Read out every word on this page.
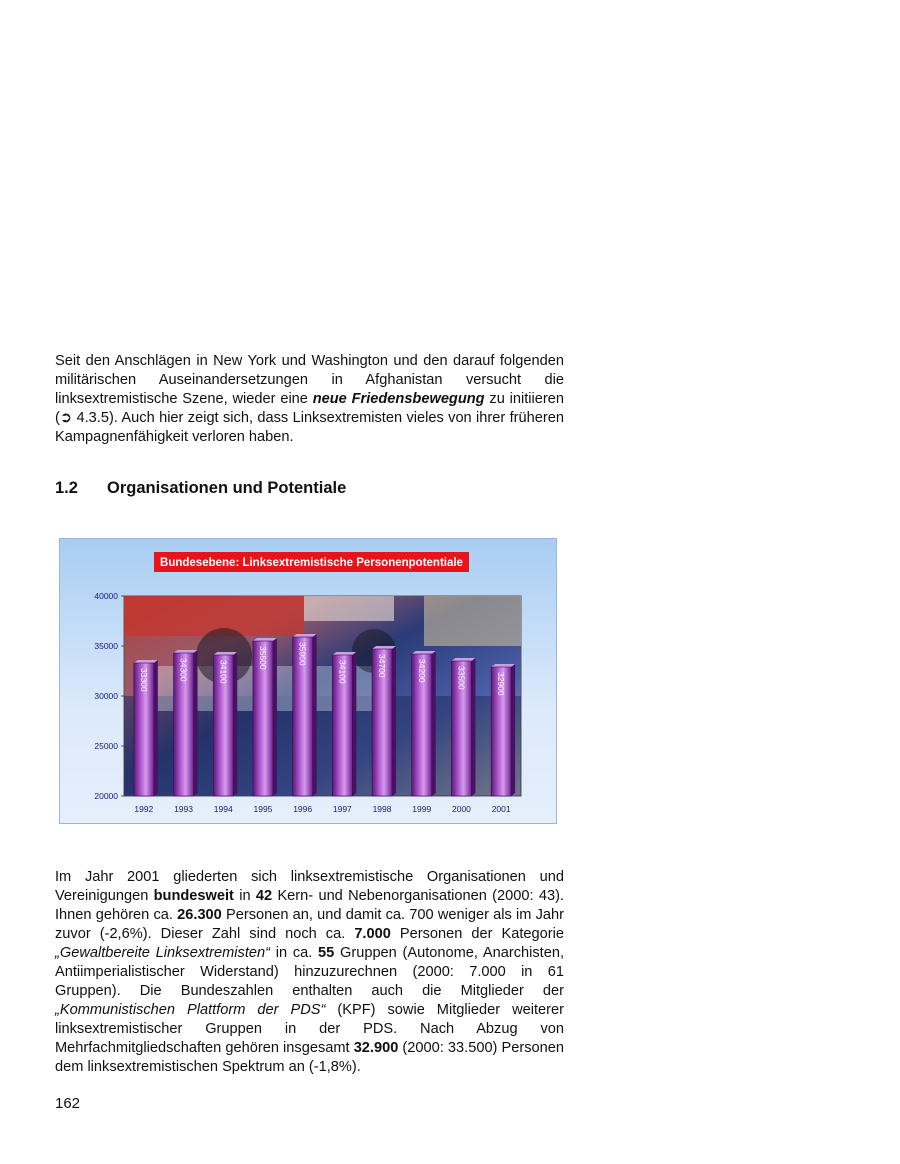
Seit den Anschlägen in New York und Washington und den darauf folgenden militärischen Auseinandersetzungen in Afghanistan versucht die linksextremistische Szene, wieder eine neue Friedensbewegung zu initiieren (➲ 4.3.5). Auch hier zeigt sich, dass Linksextremisten vieles von ihrer früheren Kampagnenfähigkeit verloren haben.

1.2 Organisationen und Potentiale
33300	34300	34100
35500	35900
34100	34700	34200	33500	32900
20000
25000
30000
35000
40000
1992 1993 1994 1995 1996 1997 1998 1999 2000 2001
Bundesebene: Linksextremistische Personenpotentiale

Im Jahr 2001 gliederten sich linksextremistische Organisationen und Vereinigungen bundesweit in 42 Kern- und Nebenorganisationen (2000: 43). Ihnen gehören ca. 26.300 Personen an, und damit ca. 700 weniger als im Jahr zuvor (-2,6%). Dieser Zahl sind noch ca. 7.000 Personen der Kategorie „Gewaltbereite Linksextremisten“ in ca. 55 Gruppen (Autonome, Anarchisten, Antiimperialistischer Widerstand) hinzuzurechnen (2000: 7.000 in 61 Gruppen). Die Bundeszahlen enthalten auch die Mitglieder der „Kommunistischen Plattform der PDS“ (KPF) sowie Mitglieder weiterer linksextremistischer Gruppen in der PDS. Nach Abzug von Mehrfachmitgliedschaften gehören insgesamt 32.900 (2000: 33.500) Personen dem linksextremistischen Spektrum an (-1,8%).

162
